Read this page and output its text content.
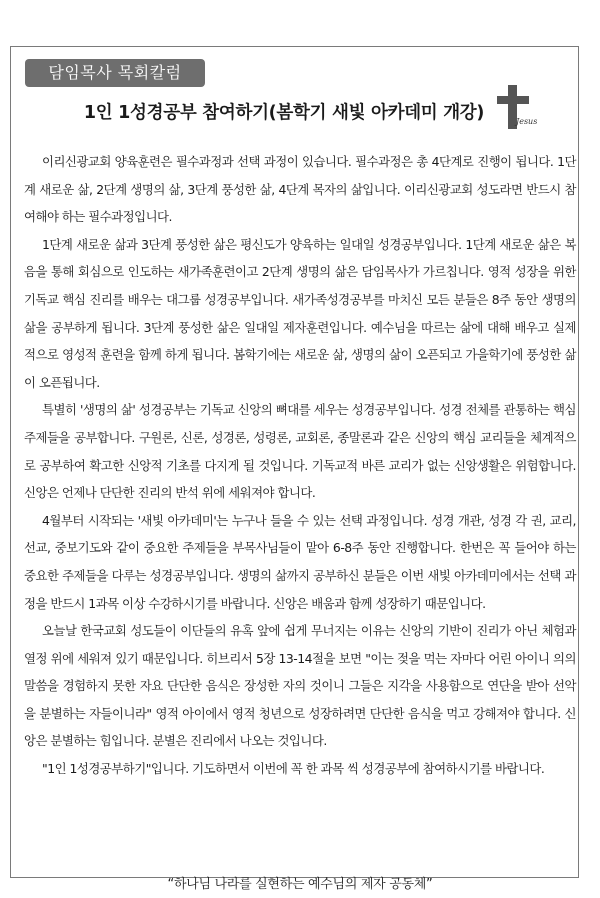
담임목사 목회칼럼
1인 1성경공부 참여하기(봄학기 새빛 아카데미 개강)	Jesus

이리신광교회 양육훈련은 필수과정과 선택 과정이 있습니다. 필수과정은 총 4단계로 진행이 됩니다. 1단계 새로운 삶, 2단계 생명의 삶, 3단계 풍성한 삶, 4단계 목자의 삶입니다. 이리신광교회 성도라면 반드시 참여해야 하는 필수과정입니다.

1단계 새로운 삶과 3단계 풍성한 삶은 평신도가 양육하는 일대일 성경공부입니다. 1단계 새로운 삶은 복음을 통해 회심으로 인도하는 새가족훈련이고 2단계 생명의 삶은 담임목사가 가르칩니다. 영적 성장을 위한 기독교 핵심 진리를 배우는 대그룹 성경공부입니다. 새가족성경공부를 마치신 모든 분들은 8주 동안 생명의 삶을 공부하게 됩니다. 3단계 풍성한 삶은 일대일 제자훈련입니다. 예수님을 따르는 삶에 대해 배우고 실제적으로 영성적 훈련을 함께 하게 됩니다. 봄학기에는 새로운 삶, 생명의 삶이 오픈되고 가을학기에 풍성한 삶이 오픈됩니다.

특별히 '생명의 삶' 성경공부는 기독교 신앙의 뼈대를 세우는 성경공부입니다. 성경 전체를 관통하는 핵심 주제들을 공부합니다. 구원론, 신론, 성경론, 성령론, 교회론, 종말론과 같은 신앙의 핵심 교리들을 체계적으로 공부하여 확고한 신앙적 기초를 다지게 될 것입니다. 기독교적 바른 교리가 없는 신앙생활은 위험합니다. 신앙은 언제나 단단한 진리의 반석 위에 세워져야 합니다.

4월부터 시작되는 '새빛 아카데미'는 누구나 들을 수 있는 선택 과정입니다. 성경 개관, 성경 각 권, 교리, 선교, 중보기도와 같이 중요한 주제들을 부목사님들이 맡아 6-8주 동안 진행합니다. 한번은 꼭 들어야 하는 중요한 주제들을 다루는 성경공부입니다. 생명의 삶까지 공부하신 분들은 이번 새빛 아카데미에서는 선택 과정을 반드시 1과목 이상 수강하시기를 바랍니다. 신앙은 배움과 함께 성장하기 때문입니다.

오늘날 한국교회 성도들이 이단들의 유혹 앞에 쉽게 무너지는 이유는 신앙의 기반이 진리가 아닌 체험과 열정 위에 세워져 있기 때문입니다. 히브리서 5장 13-14절을 보면 "이는 젖을 먹는 자마다 어린 아이니 의의 말씀을 경험하지 못한 자요 단단한 음식은 장성한 자의 것이니 그들은 지각을 사용함으로 연단을 받아 선악을 분별하는 자들이니라" 영적 아이에서 영적 청년으로 성장하려면 단단한 음식을 먹고 강해져야 합니다. 신앙은 분별하는 힘입니다. 분별은 진리에서 나오는 것입니다.

"1인 1성경공부하기"입니다. 기도하면서 이번에 꼭 한 과목 씩 성경공부에 참여하시기를 바랍니다.

“하나님 나라를 실현하는 예수님의 제자 공동체”
